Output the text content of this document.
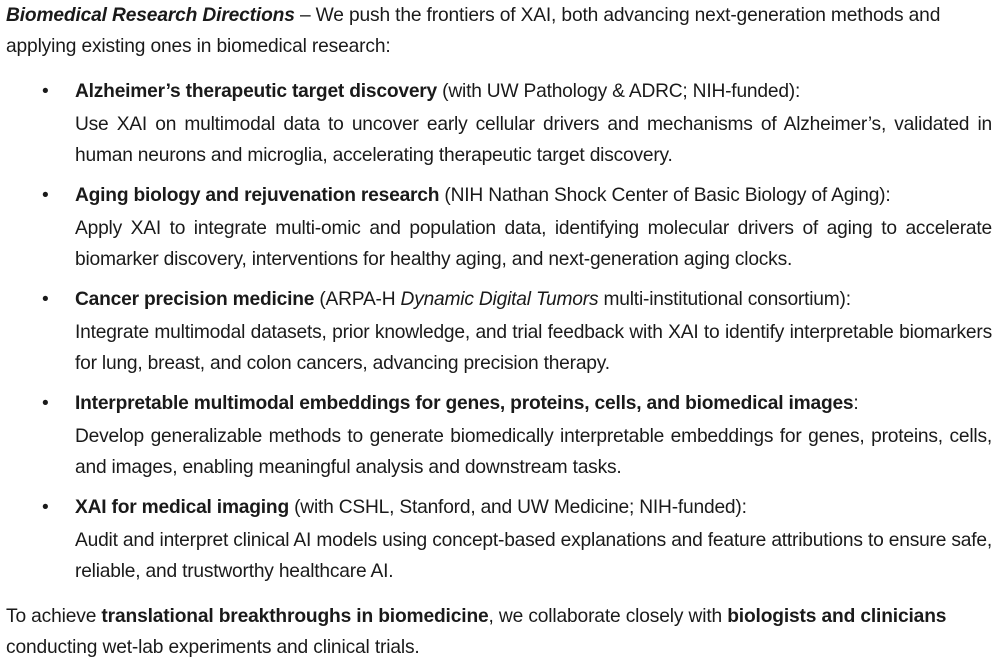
Biomedical Research Directions – We push the frontiers of XAI, both advancing next-generation methods and applying existing ones in biomedical research:

• Alzheimer’s therapeutic target discovery (with UW Pathology & ADRC; NIH-funded):
Use XAI on multimodal data to uncover early cellular drivers and mechanisms of Alzheimer’s, validated in human neurons and microglia, accelerating therapeutic target discovery.
• Aging biology and rejuvenation research (NIH Nathan Shock Center of Basic Biology of Aging):
Apply XAI to integrate multi-omic and population data, identifying molecular drivers of aging to accelerate biomarker discovery, interventions for healthy aging, and next-generation aging clocks.
• Cancer precision medicine (ARPA-H Dynamic Digital Tumors multi-institutional consortium):
Integrate multimodal datasets, prior knowledge, and trial feedback with XAI to identify interpretable biomarkers for lung, breast, and colon cancers, advancing precision therapy.
• Interpretable multimodal embeddings for genes, proteins, cells, and biomedical images:
Develop generalizable methods to generate biomedically interpretable embeddings for genes, proteins, cells, and images, enabling meaningful analysis and downstream tasks.
• XAI for medical imaging (with CSHL, Stanford, and UW Medicine; NIH-funded):
Audit and interpret clinical AI models using concept-based explanations and feature attributions to ensure safe, reliable, and trustworthy healthcare AI.

To achieve translational breakthroughs in biomedicine, we collaborate closely with biologists and clinicians conducting wet-lab experiments and clinical trials.
